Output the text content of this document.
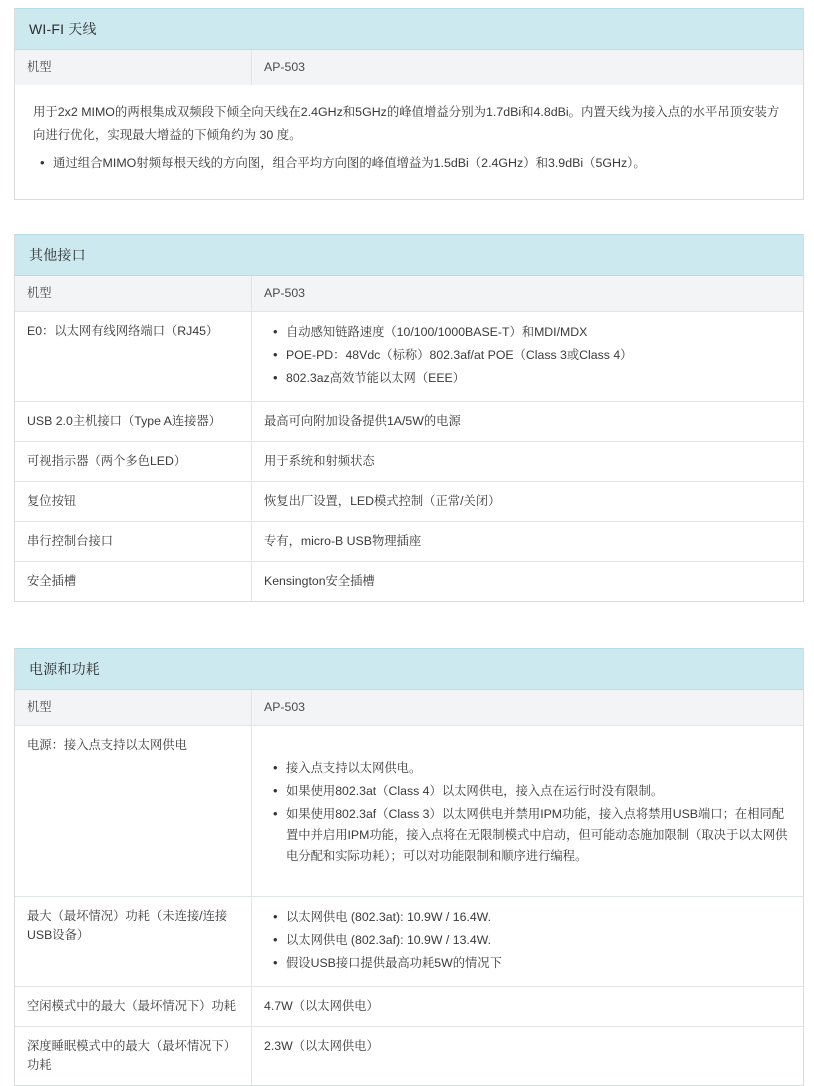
WI-FI 天线
机型	AP-503

用于2x2 MIMO的两根集成双频段下倾全向天线在2.4GHz和5GHz的峰值增益分别为1.7dBi和4.8dBi。内置天线为接入点的水平吊顶安装方向进行优化，实现最大增益的下倾角约为 30 度。

• 通过组合MIMO射频每根天线的方向图，组合平均方向图的峰值增益为1.5dBi（2.4GHz）和3.9dBi（5GHz）。
其他接口
机型	AP-503
E0：以太网有线网络端口（RJ45）	
•自动感知链路速度（10/100/1000BASE-T）和MDI/MDX
• POE-PD：48Vdc（标称）802.3af/at POE（Class 3或Class 4）
• 802.3az高效节能以太网（EEE）

USB 2.0主机接口（Type A连接器）	最高可向附加设备提供1A/5W的电源
可视指示器（两个多色LED）	用于系统和射频状态
复位按钮	恢复出厂设置，LED模式控制（正常/关闭）
串行控制台接口	专有，micro-B USB物理插座
安全插槽	Kensington安全插槽
电源和功耗
机型	AP-503
电源：接入点支持以太网供电	
• 接入点支持以太网供电。
• 如果使用802.3at（Class 4）以太网供电，接入点在运行时没有限制。
• 如果使用802.3af（Class 3）以太网供电并禁用IPM功能，接入点将禁用USB端口；在相同配置中并启用IPM功能，接入点将在无限制模式中启动，但可能动态施加限制（取决于以太网供电分配和实际功耗）；可以对功能限制和顺序进行编程。

最大（最坏情况）功耗（未连接/连接USB设备）	
• 以太网供电 (802.3at): 10.9W / 16.4W.
• 以太网供电 (802.3af): 10.9W / 13.4W.
• 假设USB接口提供最高功耗5W的情况下

空闲模式中的最大（最坏情况下）功耗	4.7W（以太网供电）
深度睡眠模式中的最大（最坏情况下）功耗	2.3W（以太网供电）
